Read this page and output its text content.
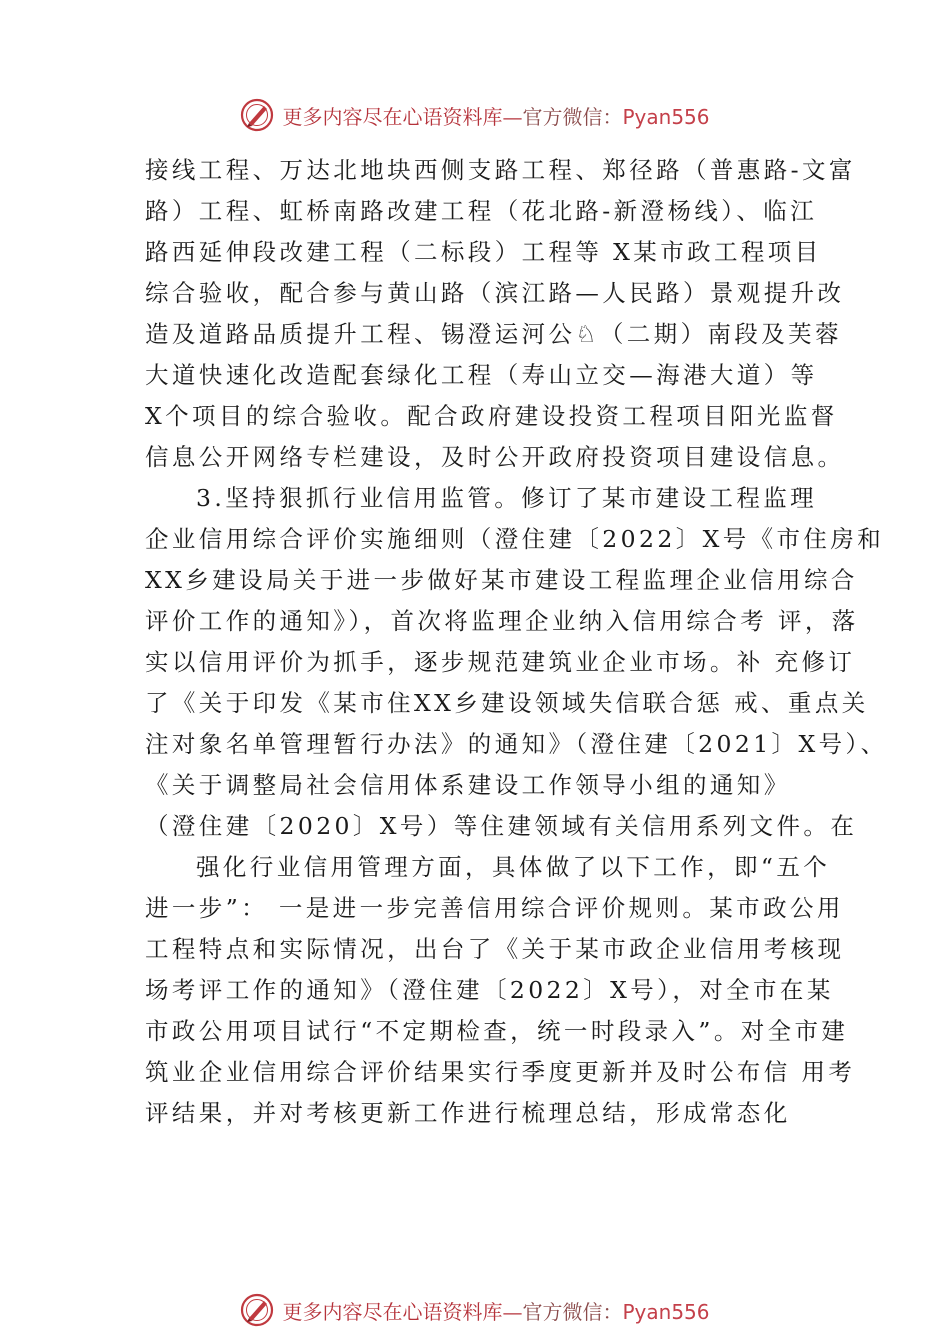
更多内容尽在心语资料库—官方微信：Pyan556
接线工程、万达北地块西侧支路工程、郑径路（普惠路-文富
路）工程、虹桥南路改建工程（花北路-新澄杨线）、临江
路西延伸段改建工程（二标段）工程等 X某市政工程项目
综合验收，配合参与黄山路（滨江路—人民路）景观提升改
造及道路品质提升工程、锡澄运河公♘（二期）南段及芙蓉
大道快速化改造配套绿化工程（寿山立交—海港大道）等
X个项目的综合验收。配合政府建设投资工程项目阳光监督
信息公开网络专栏建设，及时公开政府投资项目建设信息。
3.坚持狠抓行业信用监管。修订了某市建设工程监理
企业信用综合评价实施细则（澄住建〔2022〕X号《市住房和
XX乡建设局关于进一步做好某市建设工程监理企业信用综合
评价工作的通知》），首次将监理企业纳入信用综合考 评，落
实以信用评价为抓手，逐步规范建筑业企业市场。补 充修订
了《关于印发《某市住XX乡建设领域失信联合惩 戒、重点关
注对象名单管理暂行办法》的通知》（澄住建〔2021〕X号）、
《关于调整局社会信用体系建设工作领导小组的通知》
（澄住建〔2020〕X号）等住建领域有关信用系列文件。在
强化行业信用管理方面，具体做了以下工作，即“五个
进一步”： 一是进一步完善信用综合评价规则。某市政公用
工程特点和实际情况，出台了《关于某市政企业信用考核现
场考评工作的通知》（澄住建〔2022〕X号），对全市在某
市政公用项目试行“不定期检查，统一时段录入”。对全市建
筑业企业信用综合评价结果实行季度更新并及时公布信 用考
评结果，并对考核更新工作进行梳理总结，形成常态化
更多内容尽在心语资料库—官方微信：Pyan556
